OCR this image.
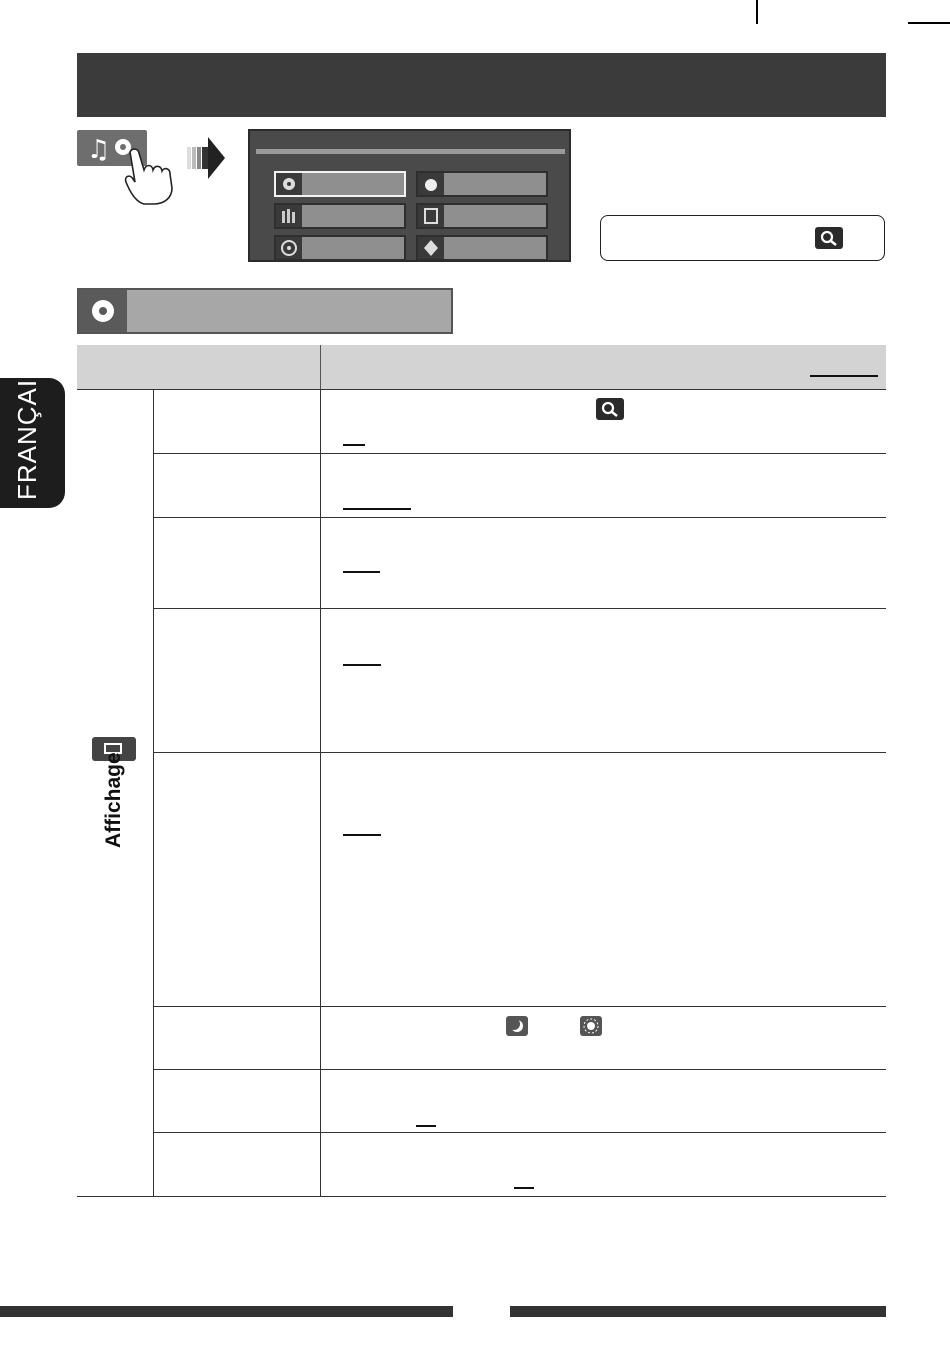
♫
FRANÇAIS
Affichage
